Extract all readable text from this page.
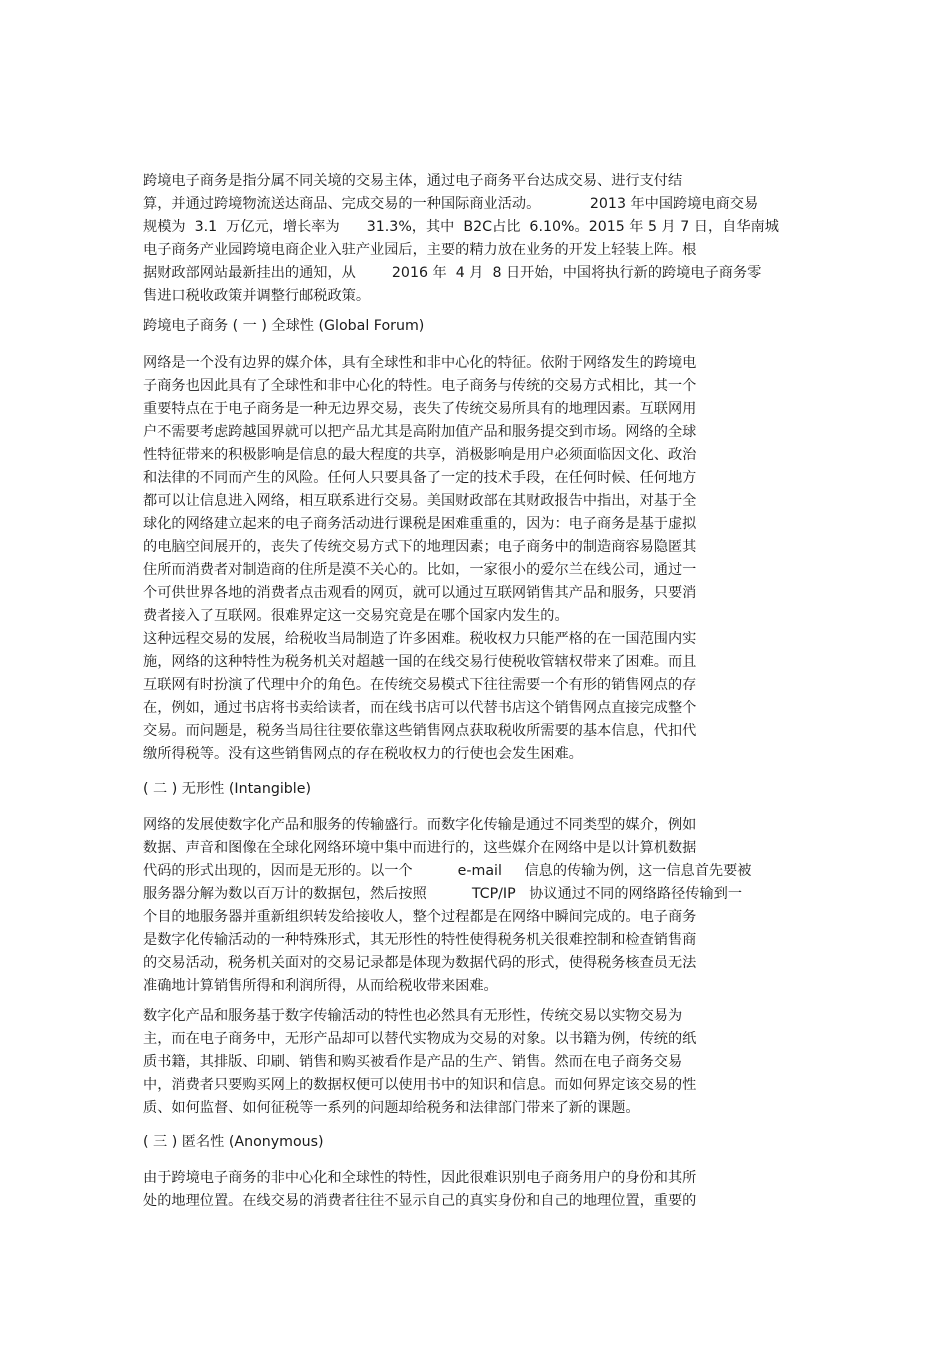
跨境电子商务是指分属不同关境的交易主体，通过电子商务平台达成交易、进行支付结
算，并通过跨境物流送达商品、完成交易的一种国际商业活动。           2013 年中国跨境电商交易
规模为  3.1  万亿元，增长率为      31.3%，其中  B2C占比  6.10%。2015 年 5 月 7 日，自华南城
电子商务产业园跨境电商企业入驻产业园后，主要的精力放在业务的开发上轻装上阵。根
据财政部网站最新挂出的通知，从        2016 年  4 月  8 日开始，中国将执行新的跨境电子商务零
售进口税收政策并调整行邮税政策。
跨境电子商务 ( 一 ) 全球性 (Global Forum)
网络是一个没有边界的媒介体，具有全球性和非中心化的特征。依附于网络发生的跨境电
子商务也因此具有了全球性和非中心化的特性。电子商务与传统的交易方式相比，其一个
重要特点在于电子商务是一种无边界交易，丧失了传统交易所具有的地理因素。互联网用
户不需要考虑跨越国界就可以把产品尤其是高附加值产品和服务提交到市场。网络的全球
性特征带来的积极影响是信息的最大程度的共享，消极影响是用户必须面临因文化、政治
和法律的不同而产生的风险。任何人只要具备了一定的技术手段，在任何时候、任何地方
都可以让信息进入网络，相互联系进行交易。美国财政部在其财政报告中指出，对基于全
球化的网络建立起来的电子商务活动进行课税是困难重重的，因为：电子商务是基于虚拟
的电脑空间展开的，丧失了传统交易方式下的地理因素；电子商务中的制造商容易隐匿其
住所而消费者对制造商的住所是漠不关心的。比如，一家很小的爱尔兰在线公司，通过一
个可供世界各地的消费者点击观看的网页，就可以通过互联网销售其产品和服务，只要消
费者接入了互联网。很难界定这一交易究竟是在哪个国家内发生的。
这种远程交易的发展，给税收当局制造了许多困难。税收权力只能严格的在一国范围内实
施，网络的这种特性为税务机关对超越一国的在线交易行使税收管辖权带来了困难。而且
互联网有时扮演了代理中介的角色。在传统交易模式下往往需要一个有形的销售网点的存
在，例如，通过书店将书卖给读者，而在线书店可以代替书店这个销售网点直接完成整个
交易。而问题是，税务当局往往要依靠这些销售网点获取税收所需要的基本信息，代扣代
缴所得税等。没有这些销售网点的存在税收权力的行使也会发生困难。
( 二 ) 无形性 (Intangible)
网络的发展使数字化产品和服务的传输盛行。而数字化传输是通过不同类型的媒介，例如
数据、声音和图像在全球化网络环境中集中而进行的，这些媒介在网络中是以计算机数据
代码的形式出现的，因而是无形的。以一个          e-mail     信息的传输为例，这一信息首先要被
服务器分解为数以百万计的数据包，然后按照          TCP/IP   协议通过不同的网络路径传输到一
个目的地服务器并重新组织转发给接收人，整个过程都是在网络中瞬间完成的。电子商务
是数字化传输活动的一种特殊形式，其无形性的特性使得税务机关很难控制和检查销售商
的交易活动，税务机关面对的交易记录都是体现为数据代码的形式，使得税务核查员无法
准确地计算销售所得和利润所得，从而给税收带来困难。
数字化产品和服务基于数字传输活动的特性也必然具有无形性，传统交易以实物交易为
主，而在电子商务中，无形产品却可以替代实物成为交易的对象。以书籍为例，传统的纸
质书籍，其排版、印刷、销售和购买被看作是产品的生产、销售。然而在电子商务交易
中，消费者只要购买网上的数据权便可以使用书中的知识和信息。而如何界定该交易的性
质、如何监督、如何征税等一系列的问题却给税务和法律部门带来了新的课题。
( 三 ) 匿名性 (Anonymous)
由于跨境电子商务的非中心化和全球性的特性，因此很难识别电子商务用户的身份和其所
处的地理位置。在线交易的消费者往往不显示自己的真实身份和自己的地理位置，重要的
